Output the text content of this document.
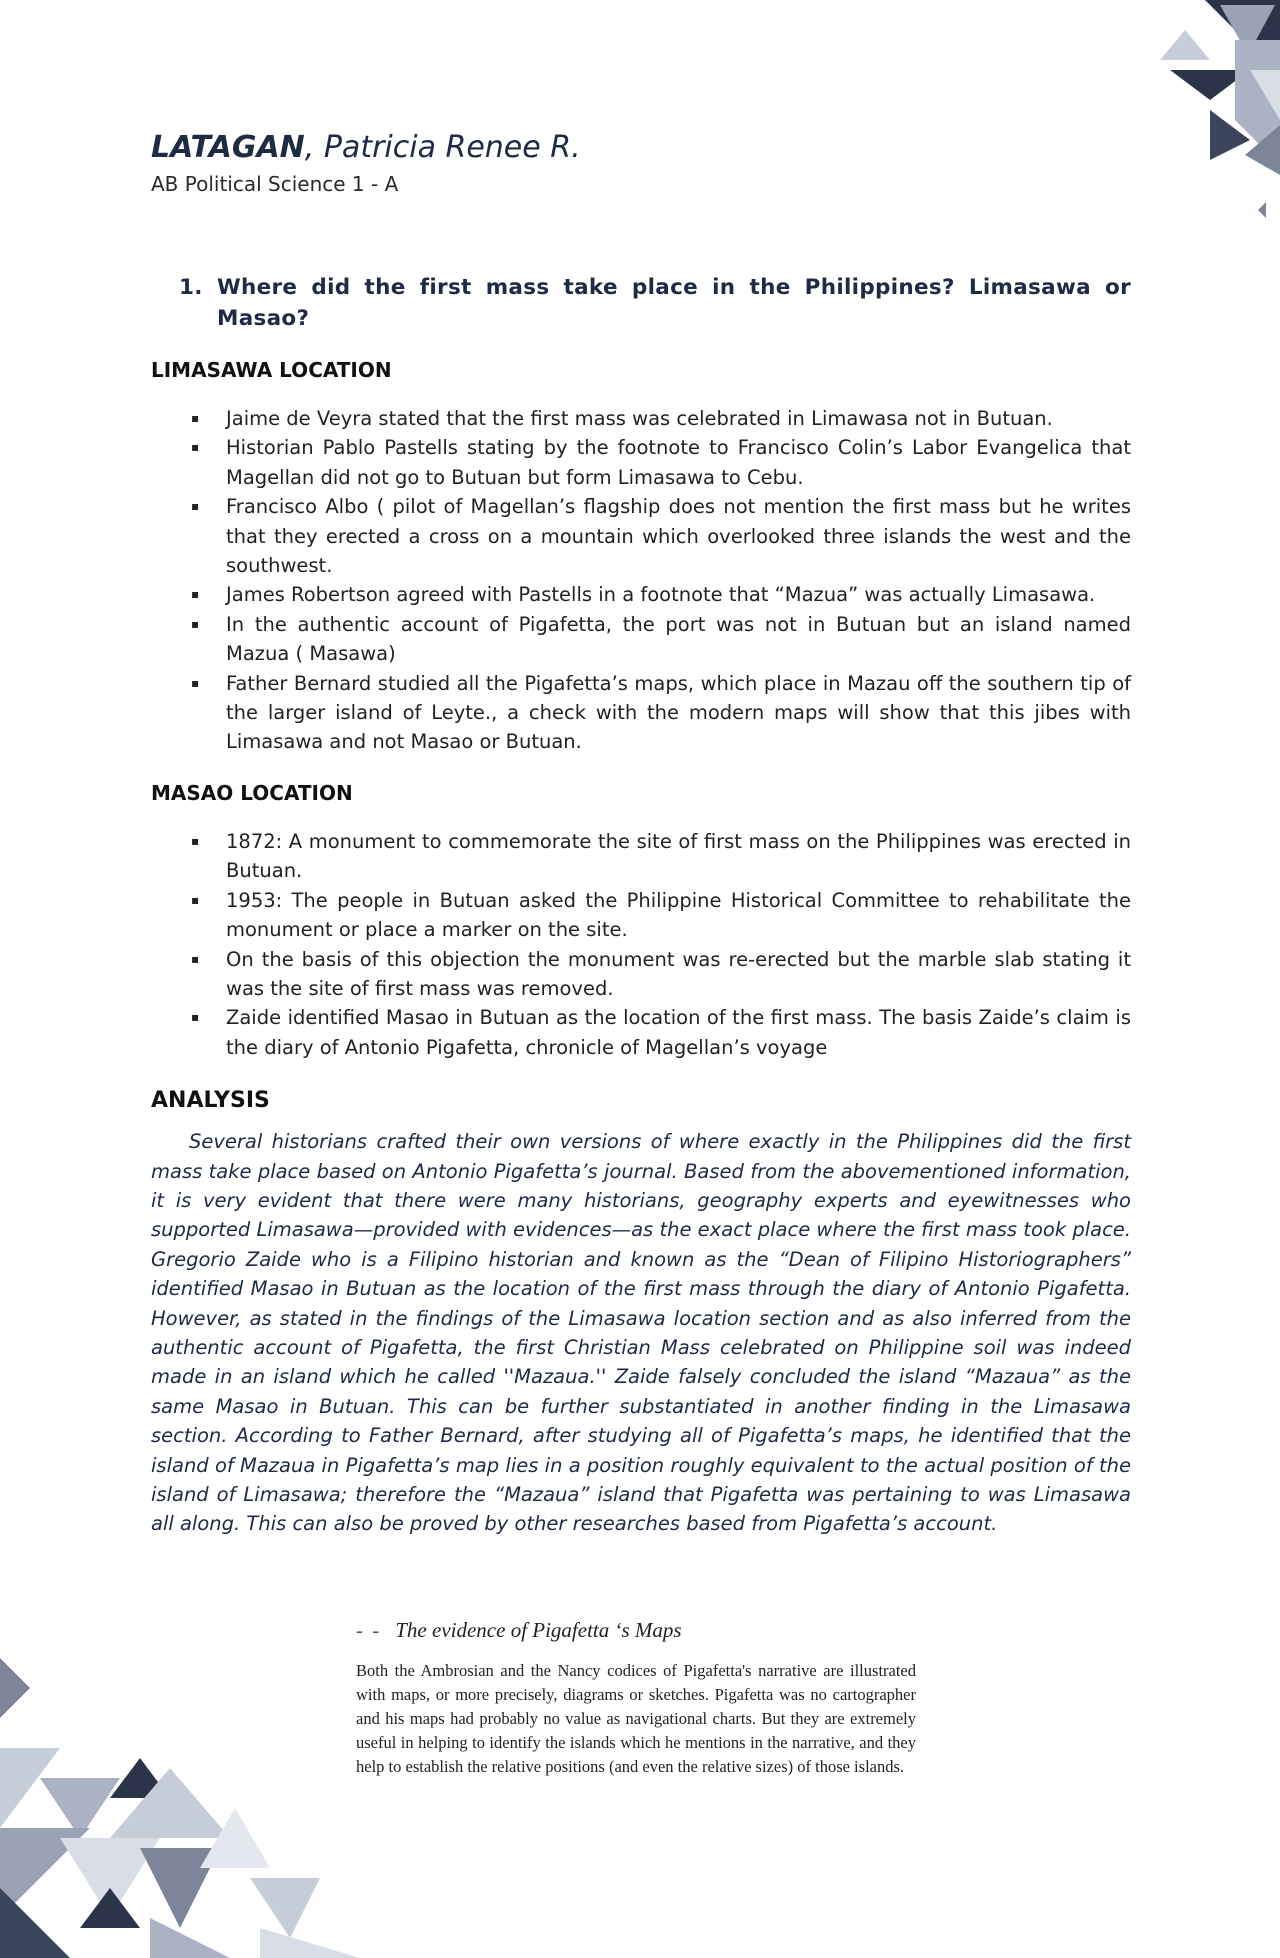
LATAGAN, Patricia Renee R.
AB Political Science 1 - A
1. Where did the first mass take place in the Philippines? Limasawa or Masao?
LIMASAWA LOCATION
▪ Jaime de Veyra stated that the first mass was celebrated in Limawasa not in Butuan.
▪ Historian Pablo Pastells stating by the footnote to Francisco Colin’s Labor Evangelica that Magellan did not go to Butuan but form Limasawa to Cebu.
▪ Francisco Albo ( pilot of Magellan’s flagship does not mention the first mass but he writes that they erected a cross on a mountain which overlooked three islands the west and the southwest.
▪ James Robertson agreed with Pastells in a footnote that “Mazua” was actually Limasawa.
▪ In the authentic account of Pigafetta, the port was not in Butuan but an island named Mazua ( Masawa)
▪ Father Bernard studied all the Pigafetta’s maps, which place in Mazau off the southern tip of the larger island of Leyte., a check with the modern maps will show that this jibes with Limasawa and not Masao or Butuan.
MASAO LOCATION
▪ 1872: A monument to commemorate the site of first mass on the Philippines was erected in Butuan.
▪ 1953: The people in Butuan asked the Philippine Historical Committee to rehabilitate the monument or place a marker on the site.
▪ On the basis of this objection the monument was re-erected but the marble slab stating it was the site of first mass was removed.
▪ Zaide identified Masao in Butuan as the location of the first mass. The basis Zaide’s claim is the diary of Antonio Pigafetta, chronicle of Magellan’s voyage
ANALYSIS
Several historians crafted their own versions of where exactly in the Philippines did the first mass take place based on Antonio Pigafetta’s journal. Based from the abovementioned information, it is very evident that there were many historians, geography experts and eyewitnesses who supported Limasawa—provided with evidences—as the exact place where the first mass took place. Gregorio Zaide who is a Filipino historian and known as the “Dean of Filipino Historiographers” identified Masao in Butuan as the location of the first mass through the diary of Antonio Pigafetta. However, as stated in the findings of the Limasawa location section and as also inferred from the authentic account of Pigafetta, the first Christian Mass celebrated on Philippine soil was indeed made in an island which he called ''Mazaua.'' Zaide falsely concluded the island “Mazaua” as the same Masao in Butuan. This can be further substantiated in another finding in the Limasawa section. According to Father Bernard, after studying all of Pigafetta’s maps, he identified that the island of Mazaua in Pigafetta’s map lies in a position roughly equivalent to the actual position of the island of Limasawa; therefore the “Mazaua” island that Pigafetta was pertaining to was Limasawa all along. This can also be proved by other researches based from Pigafetta’s account.
- - The evidence of Pigafetta ‘s Maps
Both the Ambrosian and the Nancy codices of Pigafetta's narrative are illustrated with maps, or more precisely, diagrams or sketches. Pigafetta was no cartographer and his maps had probably no value as navigational charts. But they are extremely useful in helping to identify the islands which he mentions in the narrative, and they help to establish the relative positions (and even the relative sizes) of those islands.
